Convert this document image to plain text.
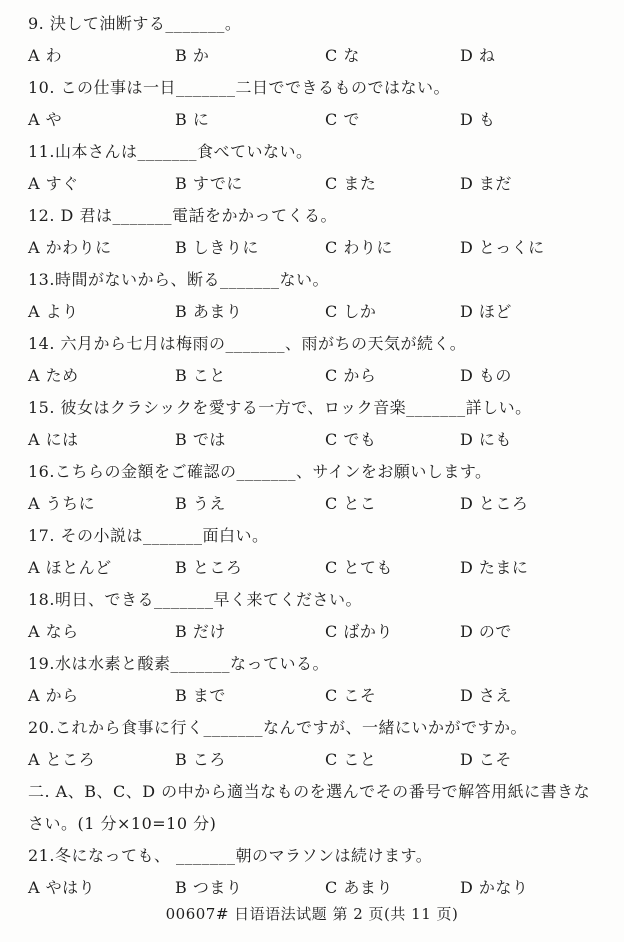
9. 決して油断する_______。
A わ	B か	C な	D ね
10. この仕事は一日_______二日でできるものではない。
A や	B に	C で	D も
11.山本さんは_______食べていない。
A すぐ	B すでに	C また	D まだ
12. D 君は_______電話をかかってくる。
A かわりに	B しきりに	C わりに	D とっくに
13.時間がないから、断る_______ない。
A より	B あまり	C しか	D ほど
14. 六月から七月は梅雨の_______、雨がちの天気が続く。
A ため	B こと	C から	D もの
15. 彼女はクラシックを愛する一方で、ロック音楽_______詳しい。
A には	B では	C でも	D にも
16.こちらの金額をご確認の_______、サインをお願いします。
A うちに	B うえ	C とこ	D ところ
17. その小説は_______面白い。
A ほとんど	B ところ	C とても	D たまに
18.明日、できる_______早く来てください。
A なら	B だけ	C ばかり	D ので
19.水は水素と酸素_______なっている。
A から	B まで	C こそ	D さえ
20.これから食事に行く_______なんですが、一緒にいかがですか。
A ところ	B ころ	C こと	D こそ
二. A、B、C、D の中から適当なものを選んでその番号で解答用紙に書きなさい。(1 分×10=10 分)
21.冬になっても、 _______朝のマラソンは続けます。
A やはり	B つまり	C あまり	D かなり
00607# 日语语法试题 第 2 页(共 11 页)
